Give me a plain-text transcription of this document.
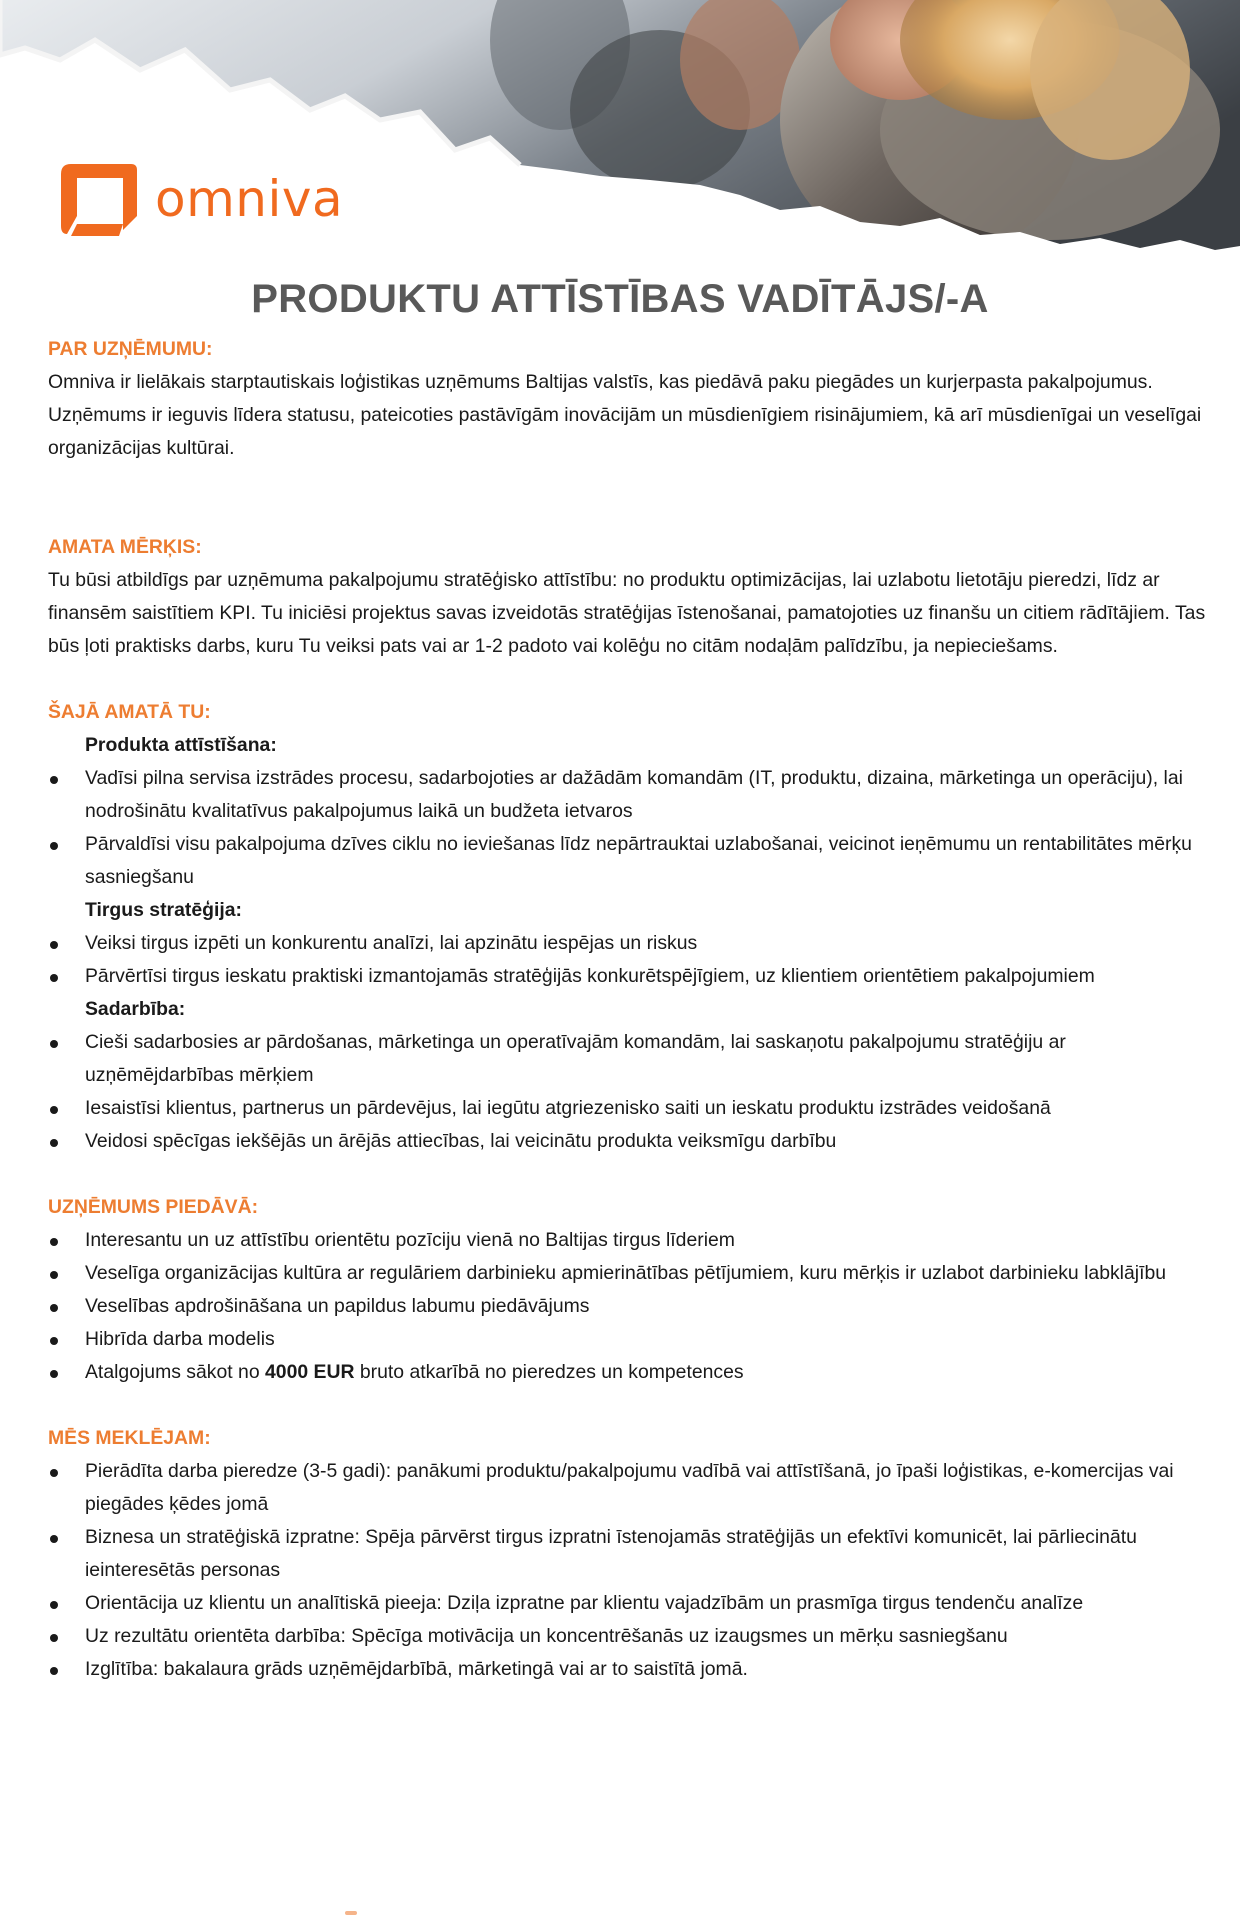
omniva
PRODUKTU ATTĪSTĪBAS VADĪTĀJS/-A

PAR UZŅĒMUMU:

Omniva ir lielākais starptautiskais loģistikas uzņēmums Baltijas valstīs, kas piedāvā paku piegādes un kurjerpasta pakalpojumus. Uzņēmums ir ieguvis līdera statusu, pateicoties pastāvīgām inovācijām un mūsdienīgiem risinājumiem, kā arī mūsdienīgai un veselīgai organizācijas kultūrai.

AMATA MĒRĶIS:

Tu būsi atbildīgs par uzņēmuma pakalpojumu stratēģisko attīstību: no produktu optimizācijas, lai uzlabotu lietotāju pieredzi, līdz ar finansēm saistītiem KPI. Tu iniciēsi projektus savas izveidotās stratēģijas īstenošanai, pamatojoties uz finanšu un citiem rādītājiem. Tas būs ļoti praktisks darbs, kuru Tu veiksi pats vai ar 1-2 padoto vai kolēģu no citām nodaļām palīdzību, ja nepieciešams.

ŠAJĀ AMATĀ TU:

Produkta attīstīšana:
Vadīsi pilna servisa izstrādes procesu, sadarbojoties ar dažādām komandām (IT, produktu, dizaina, mārketinga un operāciju), lai nodrošinātu kvalitatīvus pakalpojumus laikā un budžeta ietvaros
Pārvaldīsi visu pakalpojuma dzīves ciklu no ieviešanas līdz nepārtrauktai uzlabošanai, veicinot ieņēmumu un rentabilitātes mērķu sasniegšanu
Tirgus stratēģija:
Veiksi tirgus izpēti un konkurentu analīzi, lai apzinātu iespējas un riskus
Pārvērtīsi tirgus ieskatu praktiski izmantojamās stratēģijās konkurētspējīgiem, uz klientiem orientētiem pakalpojumiem
Sadarbība:
Cieši sadarbosies ar pārdošanas, mārketinga un operatīvajām komandām, lai saskaņotu pakalpojumu stratēģiju ar uzņēmējdarbības mērķiem
Iesaistīsi klientus, partnerus un pārdevējus, lai iegūtu atgriezenisko saiti un ieskatu produktu izstrādes veidošanā
Veidosi spēcīgas iekšējās un ārējās attiecības, lai veicinātu produkta veiksmīgu darbību

UZŅĒMUMS PIEDĀVĀ:

Interesantu un uz attīstību orientētu pozīciju vienā no Baltijas tirgus līderiem
Veselīga organizācijas kultūra ar regulāriem darbinieku apmierinātības pētījumiem, kuru mērķis ir uzlabot darbinieku labklājību
Veselības apdrošināšana un papildus labumu piedāvājums
Hibrīda darba modelis
Atalgojums sākot no 4000 EUR bruto atkarībā no pieredzes un kompetences

MĒS MEKLĒJAM:

Pierādīta darba pieredze (3-5 gadi): panākumi produktu/pakalpojumu vadībā vai attīstīšanā, jo īpaši loģistikas, e-komercijas vai piegādes ķēdes jomā
Biznesa un stratēģiskā izpratne: Spēja pārvērst tirgus izpratni īstenojamās stratēģijās un efektīvi komunicēt, lai pārliecinātu ieinteresētās personas
Orientācija uz klientu un analītiskā pieeja: Dziļa izpratne par klientu vajadzībām un prasmīga tirgus tendenču analīze
Uz rezultātu orientēta darbība: Spēcīga motivācija un koncentrēšanās uz izaugsmes un mērķu sasniegšanu
Izglītība: bakalaura grāds uzņēmējdarbībā, mārketingā vai ar to saistītā jomā.
